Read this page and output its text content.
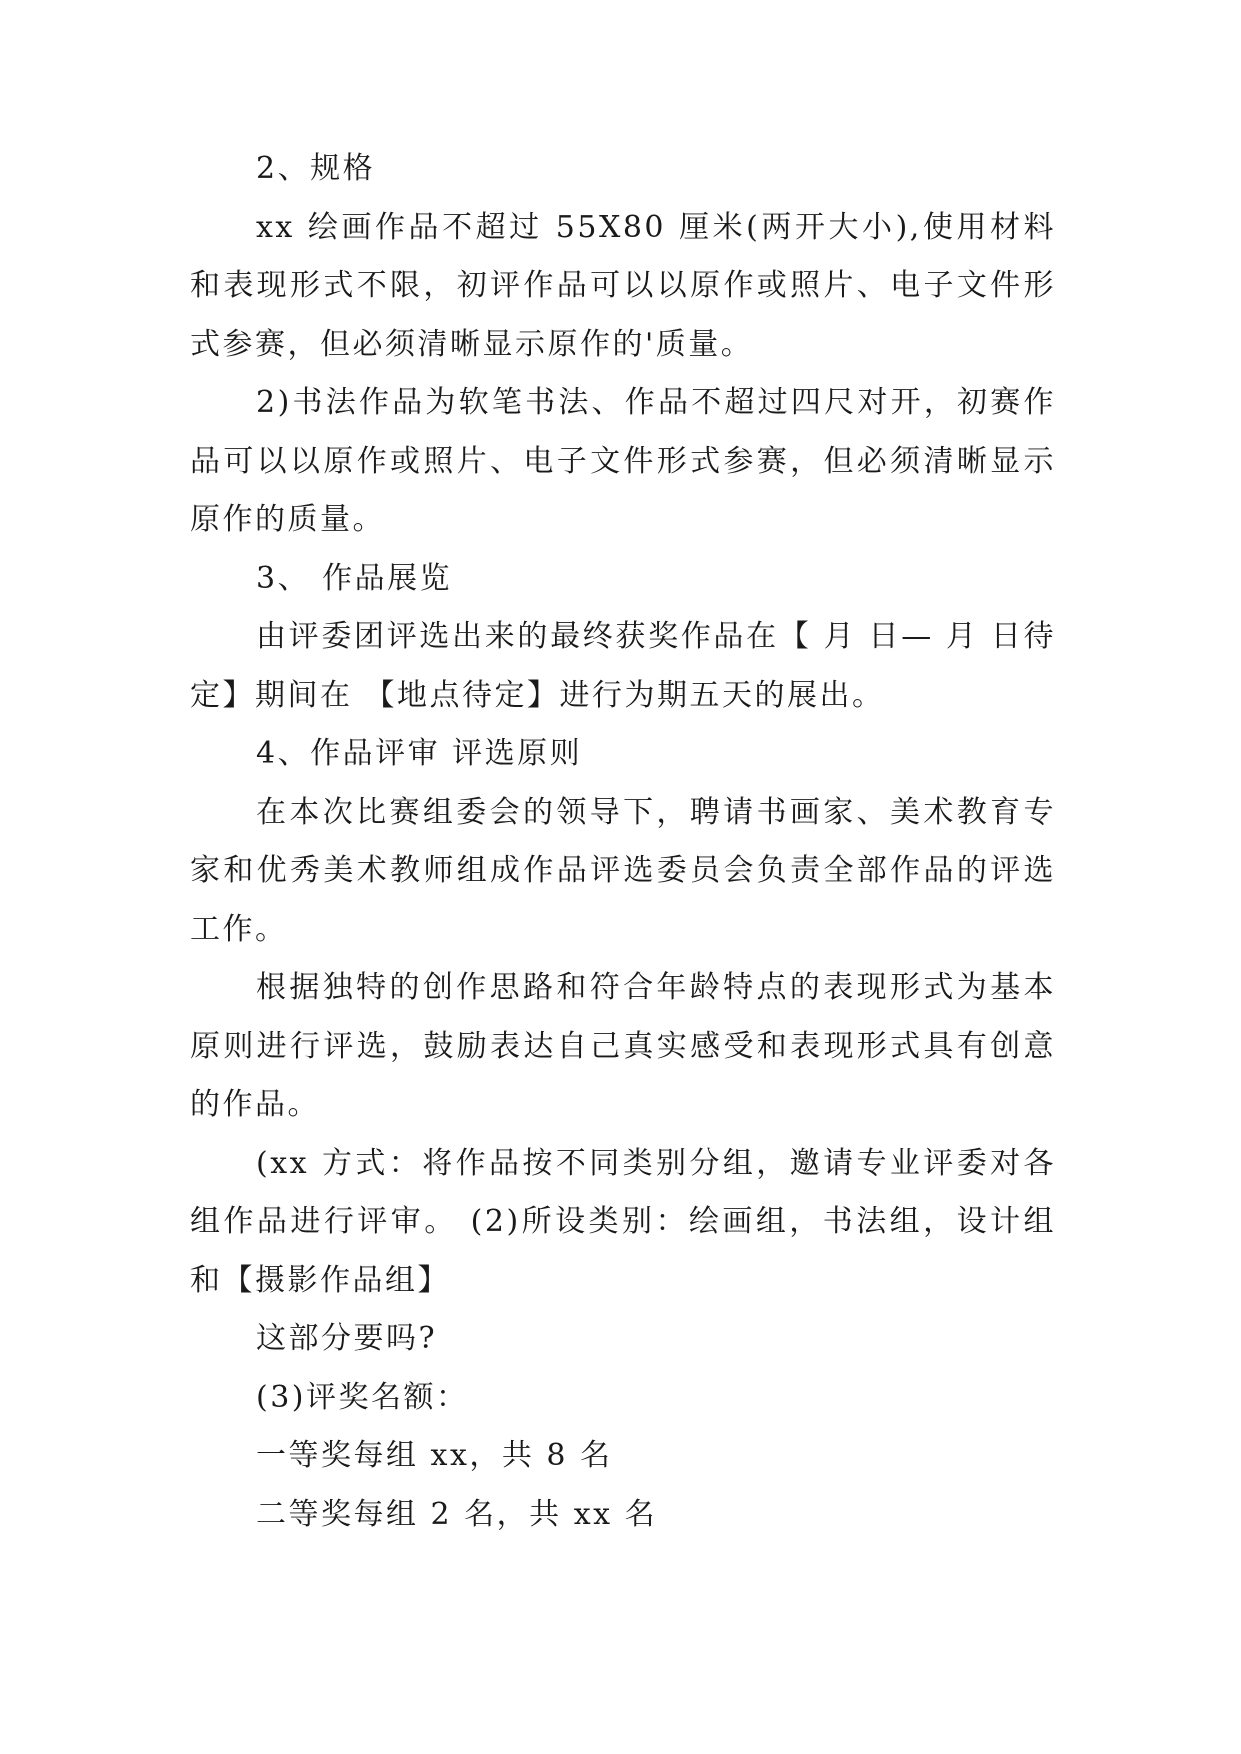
2、规格

xx 绘画作品不超过 55X80 厘米(两开大小),使用材料和表现形式不限，初评作品可以以原作或照片、电子文件形式参赛，但必须清晰显示原作的'质量。

2)书法作品为软笔书法、作品不超过四尺对开，初赛作品可以以原作或照片、电子文件形式参赛，但必须清晰显示原作的质量。

3、 作品展览

由评委团评选出来的最终获奖作品在【 月 日— 月 日待定】期间在 【地点待定】进行为期五天的展出。

4、作品评审 评选原则

在本次比赛组委会的领导下，聘请书画家、美术教育专家和优秀美术教师组成作品评选委员会负责全部作品的评选工作。

根据独特的创作思路和符合年龄特点的表现形式为基本原则进行评选，鼓励表达自己真实感受和表现形式具有创意的作品。

(xx 方式：将作品按不同类别分组，邀请专业评委对各组作品进行评审。 (2)所设类别：绘画组，书法组，设计组和【摄影作品组】

这部分要吗?

(3)评奖名额：

一等奖每组 xx，共 8 名

二等奖每组 2 名，共 xx 名
